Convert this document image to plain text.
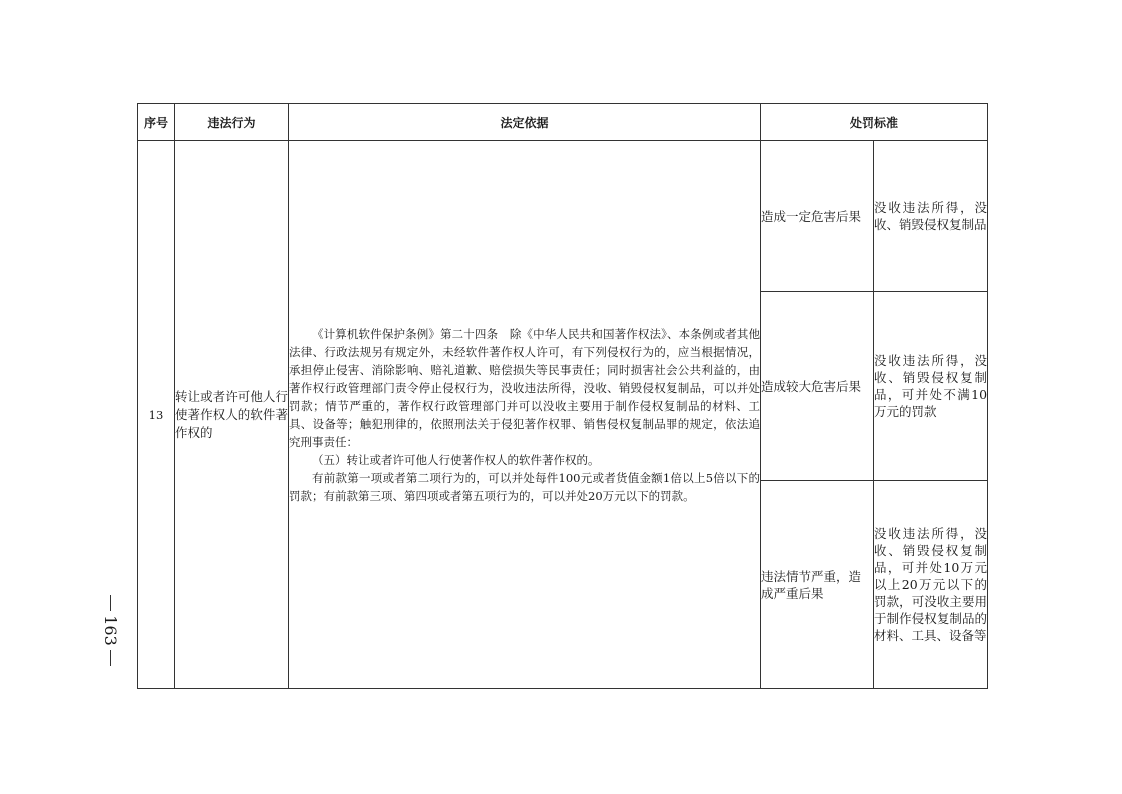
序号	违法行为	法定依据	处罚标准	
13	转让或者许可他人行使著作权人的软件著作权的	《计算机软件保护条例》第二十四条　除《中华人民共和国著作权法》、本条例或者其他法律、行政法规另有规定外，未经软件著作权人许可，有下列侵权行为的，应当根据情况，承担停止侵害、消除影响、赔礼道歉、赔偿损失等民事责任；同时损害社会公共利益的，由著作权行政管理部门责令停止侵权行为，没收违法所得，没收、销毁侵权复制品，可以并处罚款；情节严重的，著作权行政管理部门并可以没收主要用于制作侵权复制品的材料、工具、设备等；触犯刑律的，依照刑法关于侵犯著作权罪、销售侵权复制品罪的规定，依法追究刑事责任：

（五）转让或者许可他人行使著作权人的软件著作权的。

有前款第一项或者第二项行为的，可以并处每件100元或者货值金额1倍以上5倍以下的罚款；有前款第三项、第四项或者第五项行为的，可以并处20万元以下的罚款。	造成一定危害后果	没收违法所得，没收、销毁侵权复制品
			造成较大危害后果	没收违法所得，没收、销毁侵权复制品，可并处不满10万元的罚款
			违法情节严重，造成严重后果	没收违法所得，没收、销毁侵权复制品，可并处10万元以上20万元以下的罚款，可没收主要用于制作侵权复制品的材料、工具、设备等
163
